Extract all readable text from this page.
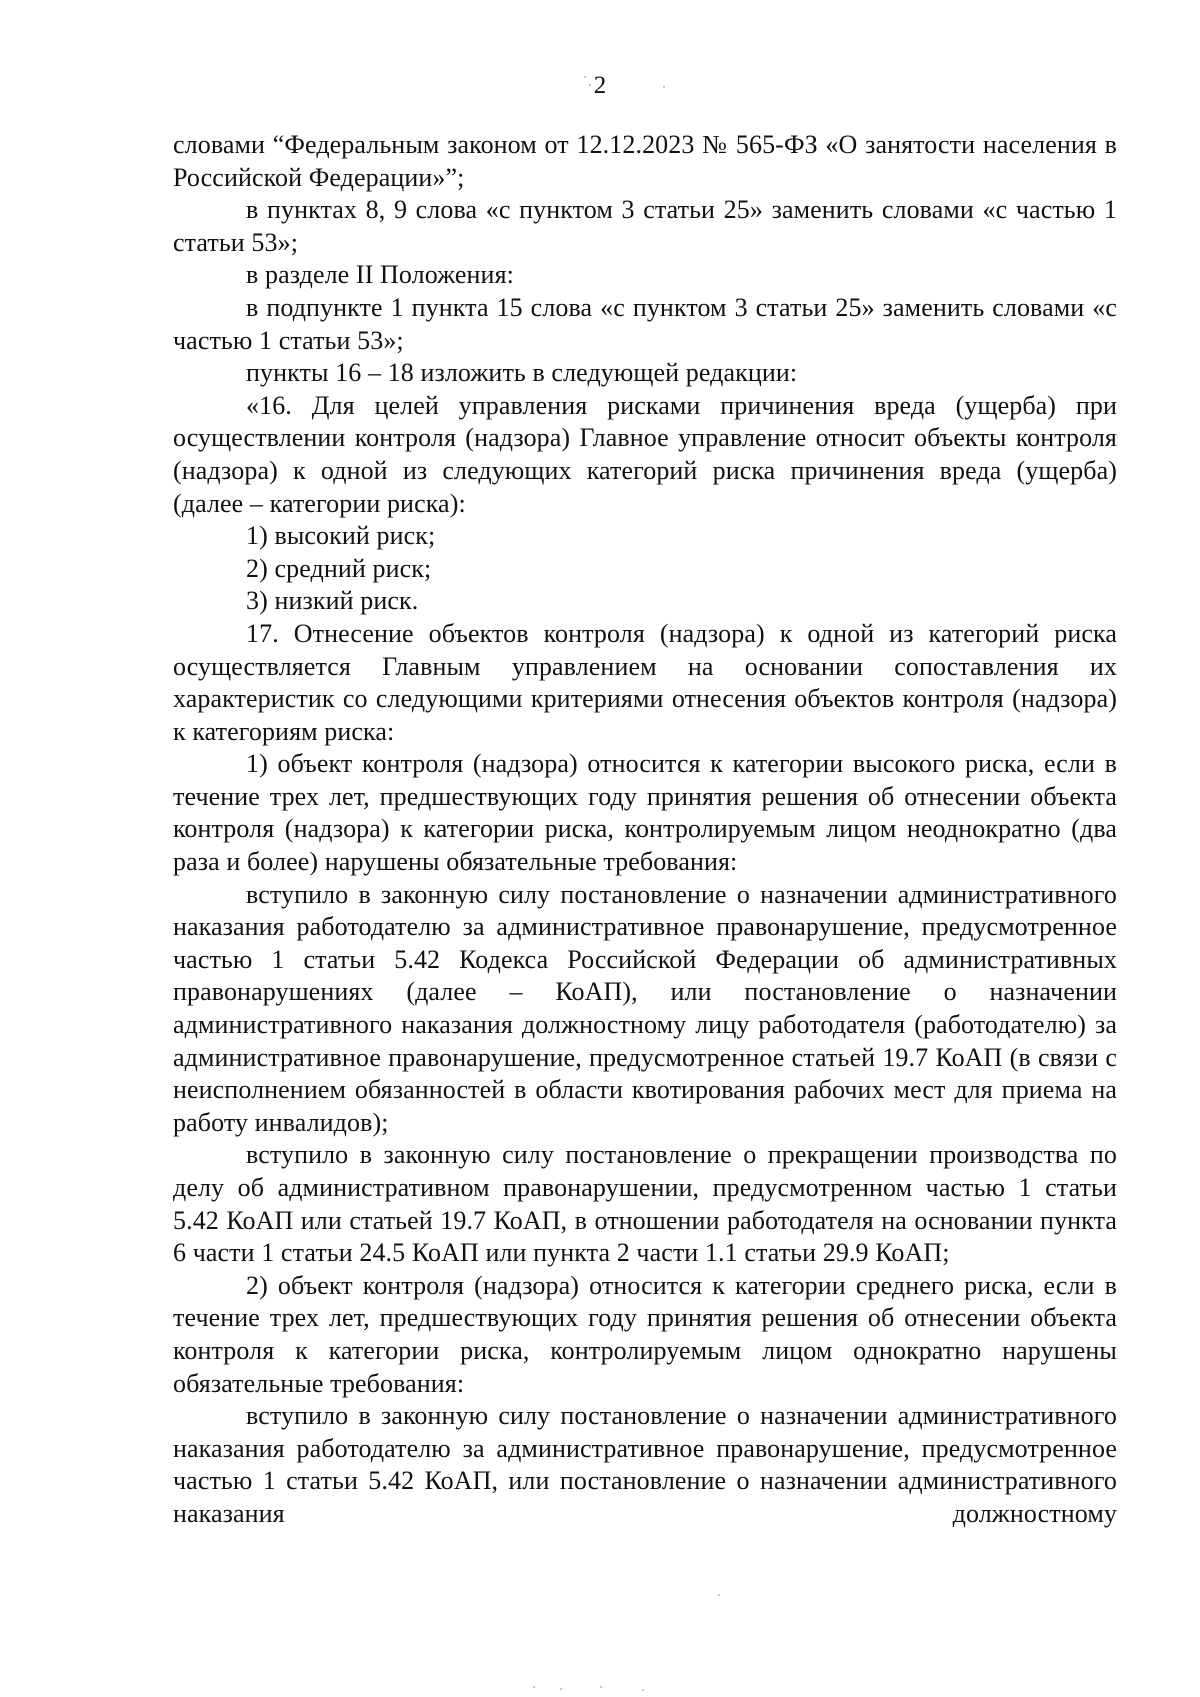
2

словами “Федеральным законом от 12.12.2023 № 565-ФЗ «О занятости населения в Российской Федерации»”;

в пунктах 8, 9 слова «с пунктом 3 статьи 25» заменить словами «с частью 1 статьи 53»;

в разделе II Положения:

в подпункте 1 пункта 15 слова «с пунктом 3 статьи 25» заменить словами «с частью 1 статьи 53»;

пункты 16 – 18 изложить в следующей редакции:

«16. Для целей управления рисками причинения вреда (ущерба) при осуществлении контроля (надзора) Главное управление относит объекты контроля (надзора) к одной из следующих категорий риска причинения вреда (ущерба) (далее – категории риска):

1) высокий риск;

2) средний риск;

3) низкий риск.

17. Отнесение объектов контроля (надзора) к одной из категорий риска осуществляется Главным управлением на основании сопоставления их характеристик со следующими критериями отнесения объектов контроля (надзора) к категориям риска:

1) объект контроля (надзора) относится к категории высокого риска, если в течение трех лет, предшествующих году принятия решения об отнесении объекта контроля (надзора) к категории риска, контролируемым лицом неоднократно (два раза и более) нарушены обязательные требования:

вступило в законную силу постановление о назначении административного наказания работодателю за административное правонарушение, предусмотренное частью 1 статьи 5.42 Кодекса Российской Федерации об административных правонарушениях (далее – КоАП), или постановление о назначении административного наказания должностному лицу работодателя (работодателю) за административное правонарушение, предусмотренное статьей 19.7 КоАП (в связи с неисполнением обязанностей в области квотирования рабочих мест для приема на работу инвалидов);

вступило в законную силу постановление о прекращении производства по делу об административном правонарушении, предусмотренном частью 1 статьи 5.42 КоАП или статьей 19.7 КоАП, в отношении работодателя на основании пункта 6 части 1 статьи 24.5 КоАП или пункта 2 части 1.1 статьи 29.9 КоАП;

2) объект контроля (надзора) относится к категории среднего риска, если в течение трех лет, предшествующих году принятия решения об отнесении объекта контроля к категории риска, контролируемым лицом однократно нарушены обязательные требования:

вступило в законную силу постановление о назначении административного наказания работодателю за административное правонарушение, предусмотренное частью 1 статьи 5.42 КоАП, или постановление о назначении административного наказания должностному
